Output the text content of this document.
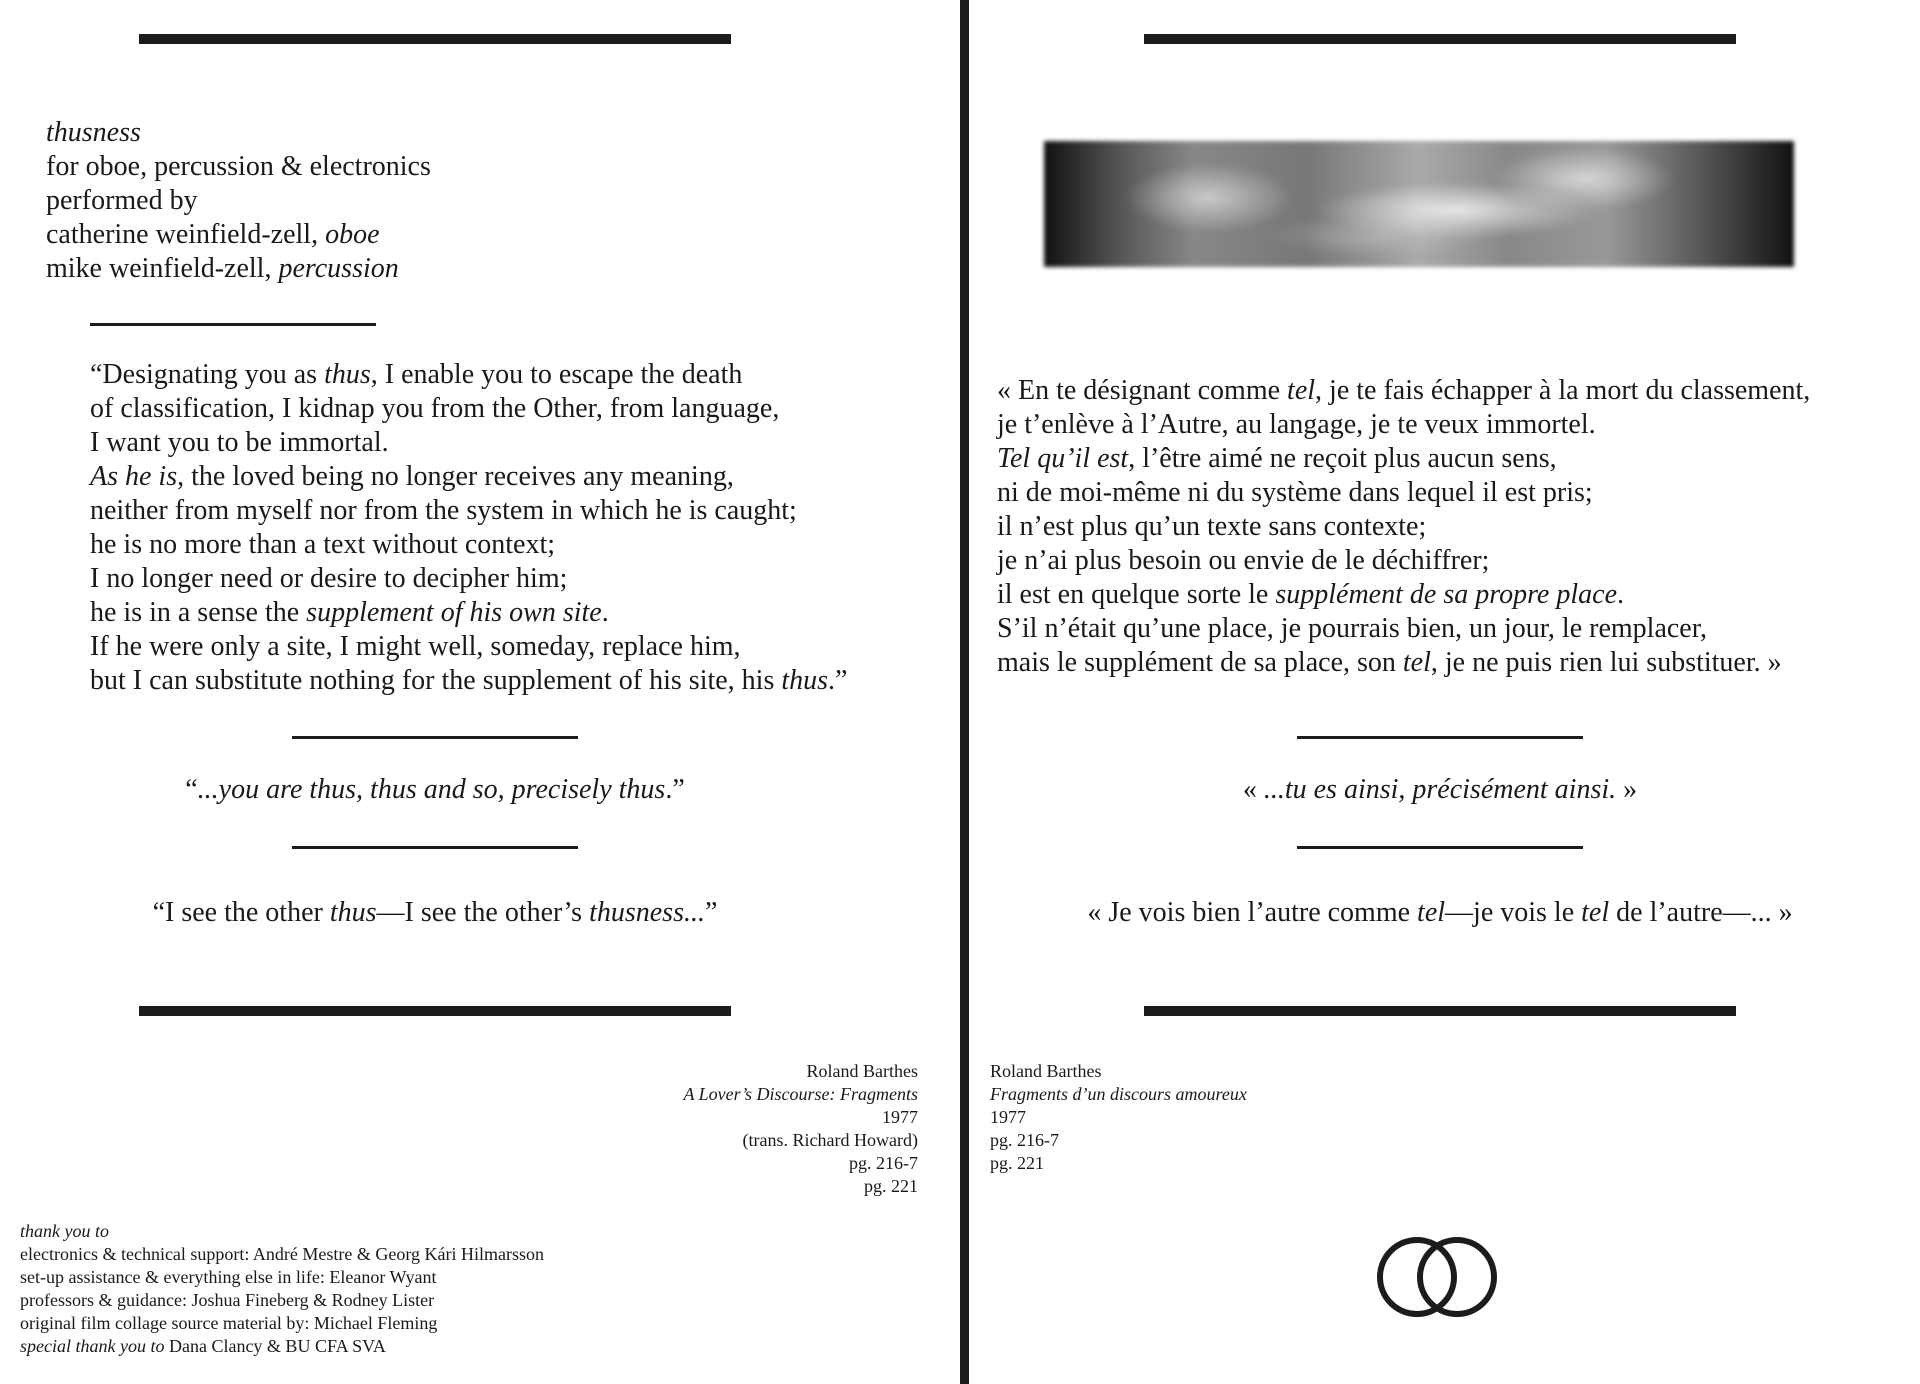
thusness
for oboe, percussion & electronics
performed by
catherine weinfield-zell, oboe
mike weinfield-zell, percussion
“Designating you as thus, I enable you to escape the death
of classification, I kidnap you from the Other, from language,
I want you to be immortal.
As he is, the loved being no longer receives any meaning,
neither from myself nor from the system in which he is caught;
he is no more than a text without context;
I no longer need or desire to decipher him;
he is in a sense the supplement of his own site.
If he were only a site, I might well, someday, replace him,
but I can substitute nothing for the supplement of his site, his thus.”
« En te désignant comme tel, je te fais échapper à la mort du classement,
je t’enlève à l’Autre, au langage, je te veux immortel.
Tel qu’il est, l’être aimé ne reçoit plus aucun sens,
ni de moi-même ni du système dans lequel il est pris;
il n’est plus qu’un texte sans contexte;
je n’ai plus besoin ou envie de le déchiffrer;
il est en quelque sorte le supplément de sa propre place.
S’il n’était qu’une place, je pourrais bien, un jour, le remplacer,
mais le supplément de sa place, son tel, je ne puis rien lui substituer. »
“...you are thus, thus and so, precisely thus.”	« ...tu es ainsi, précisément ainsi. »
“I see the other thus—I see the other’s thusness...”	« Je vois bien l’autre comme tel—je vois le tel de l’autre—... »
Roland Barthes
A Lover’s Discourse: Fragments
1977
(trans. Richard Howard)
pg. 216-7
pg. 221
Roland Barthes
Fragments d’un discours amoureux
1977
pg. 216-7
pg. 221
thank you to
electronics & technical support: André Mestre & Georg Kári Hilmarsson
set-up assistance & everything else in life: Eleanor Wyant
professors & guidance: Joshua Fineberg & Rodney Lister
original film collage source material by: Michael Fleming
special thank you to Dana Clancy & BU CFA SVA
